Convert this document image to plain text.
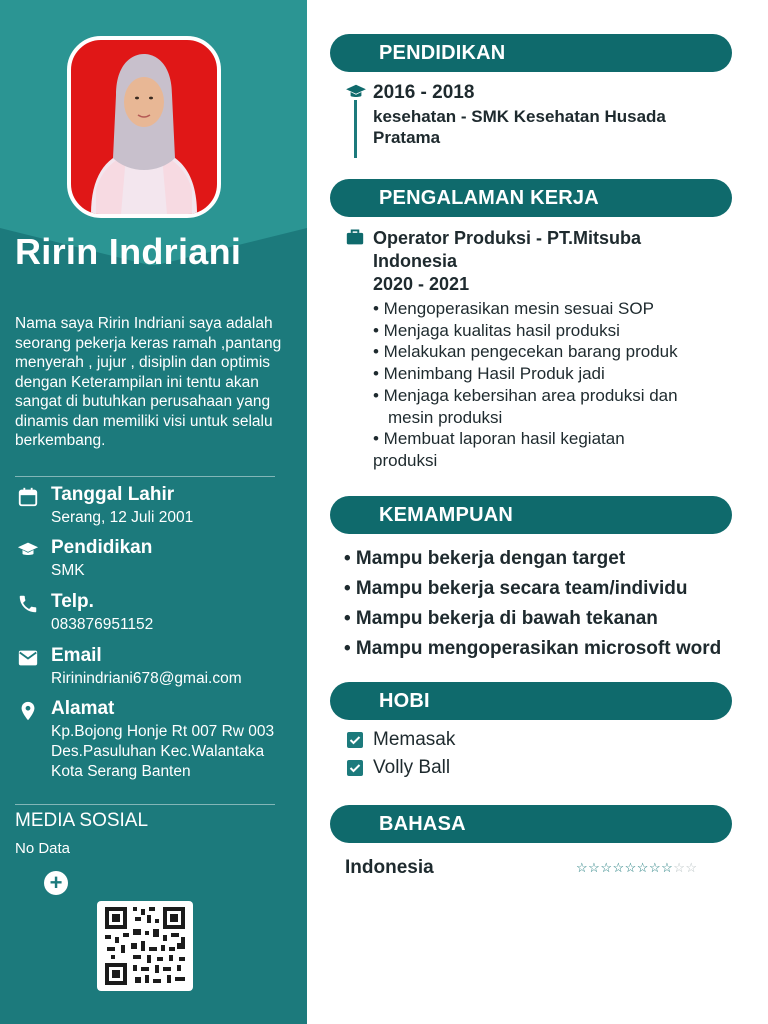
Ririn Indriani

Nama saya Ririn Indriani saya adalah seorang pekerja keras ramah ,pantang menyerah , jujur , disiplin dan optimis dengan Keterampilan ini tentu akan sangat di butuhkan perusahaan yang dinamis dan memiliki visi untuk selalu berkembang.

Tanggal Lahir
Serang, 12 Juli 2001
Pendidikan
SMK
Telp.
083876951152
Email
Ririnindriani678@gmai.com
Alamat
Kp.Bojong Honje Rt 007 Rw 003 Des.Pasuluhan Kec.Walantaka Kota Serang Banten

MEDIA SOSIAL

No Data
+
PENDIDIKAN
2016 - 2018
kesehatan - SMK Kesehatan Husada Pratama
PENGALAMAN KERJA
Operator Produksi - PT.Mitsuba Indonesia
2020 - 2021
• Mengoperasikan mesin sesuai SOP
• Menjaga kualitas hasil produksi
• Melakukan pengecekan barang produk
• Menimbang Hasil Produk jadi
• Menjaga kebersihan area produksi dan
mesin produksi
• Membuat laporan hasil kegiatan
produksi
KEMAMPUAN
• Mampu bekerja dengan target
• Mampu bekerja secara team/individu
• Mampu bekerja di bawah tekanan
• Mampu mengoperasikan microsoft word
HOBI
Memasak
Volly Ball
BAHASA
Indonesia	☆☆☆☆☆☆☆☆☆☆
